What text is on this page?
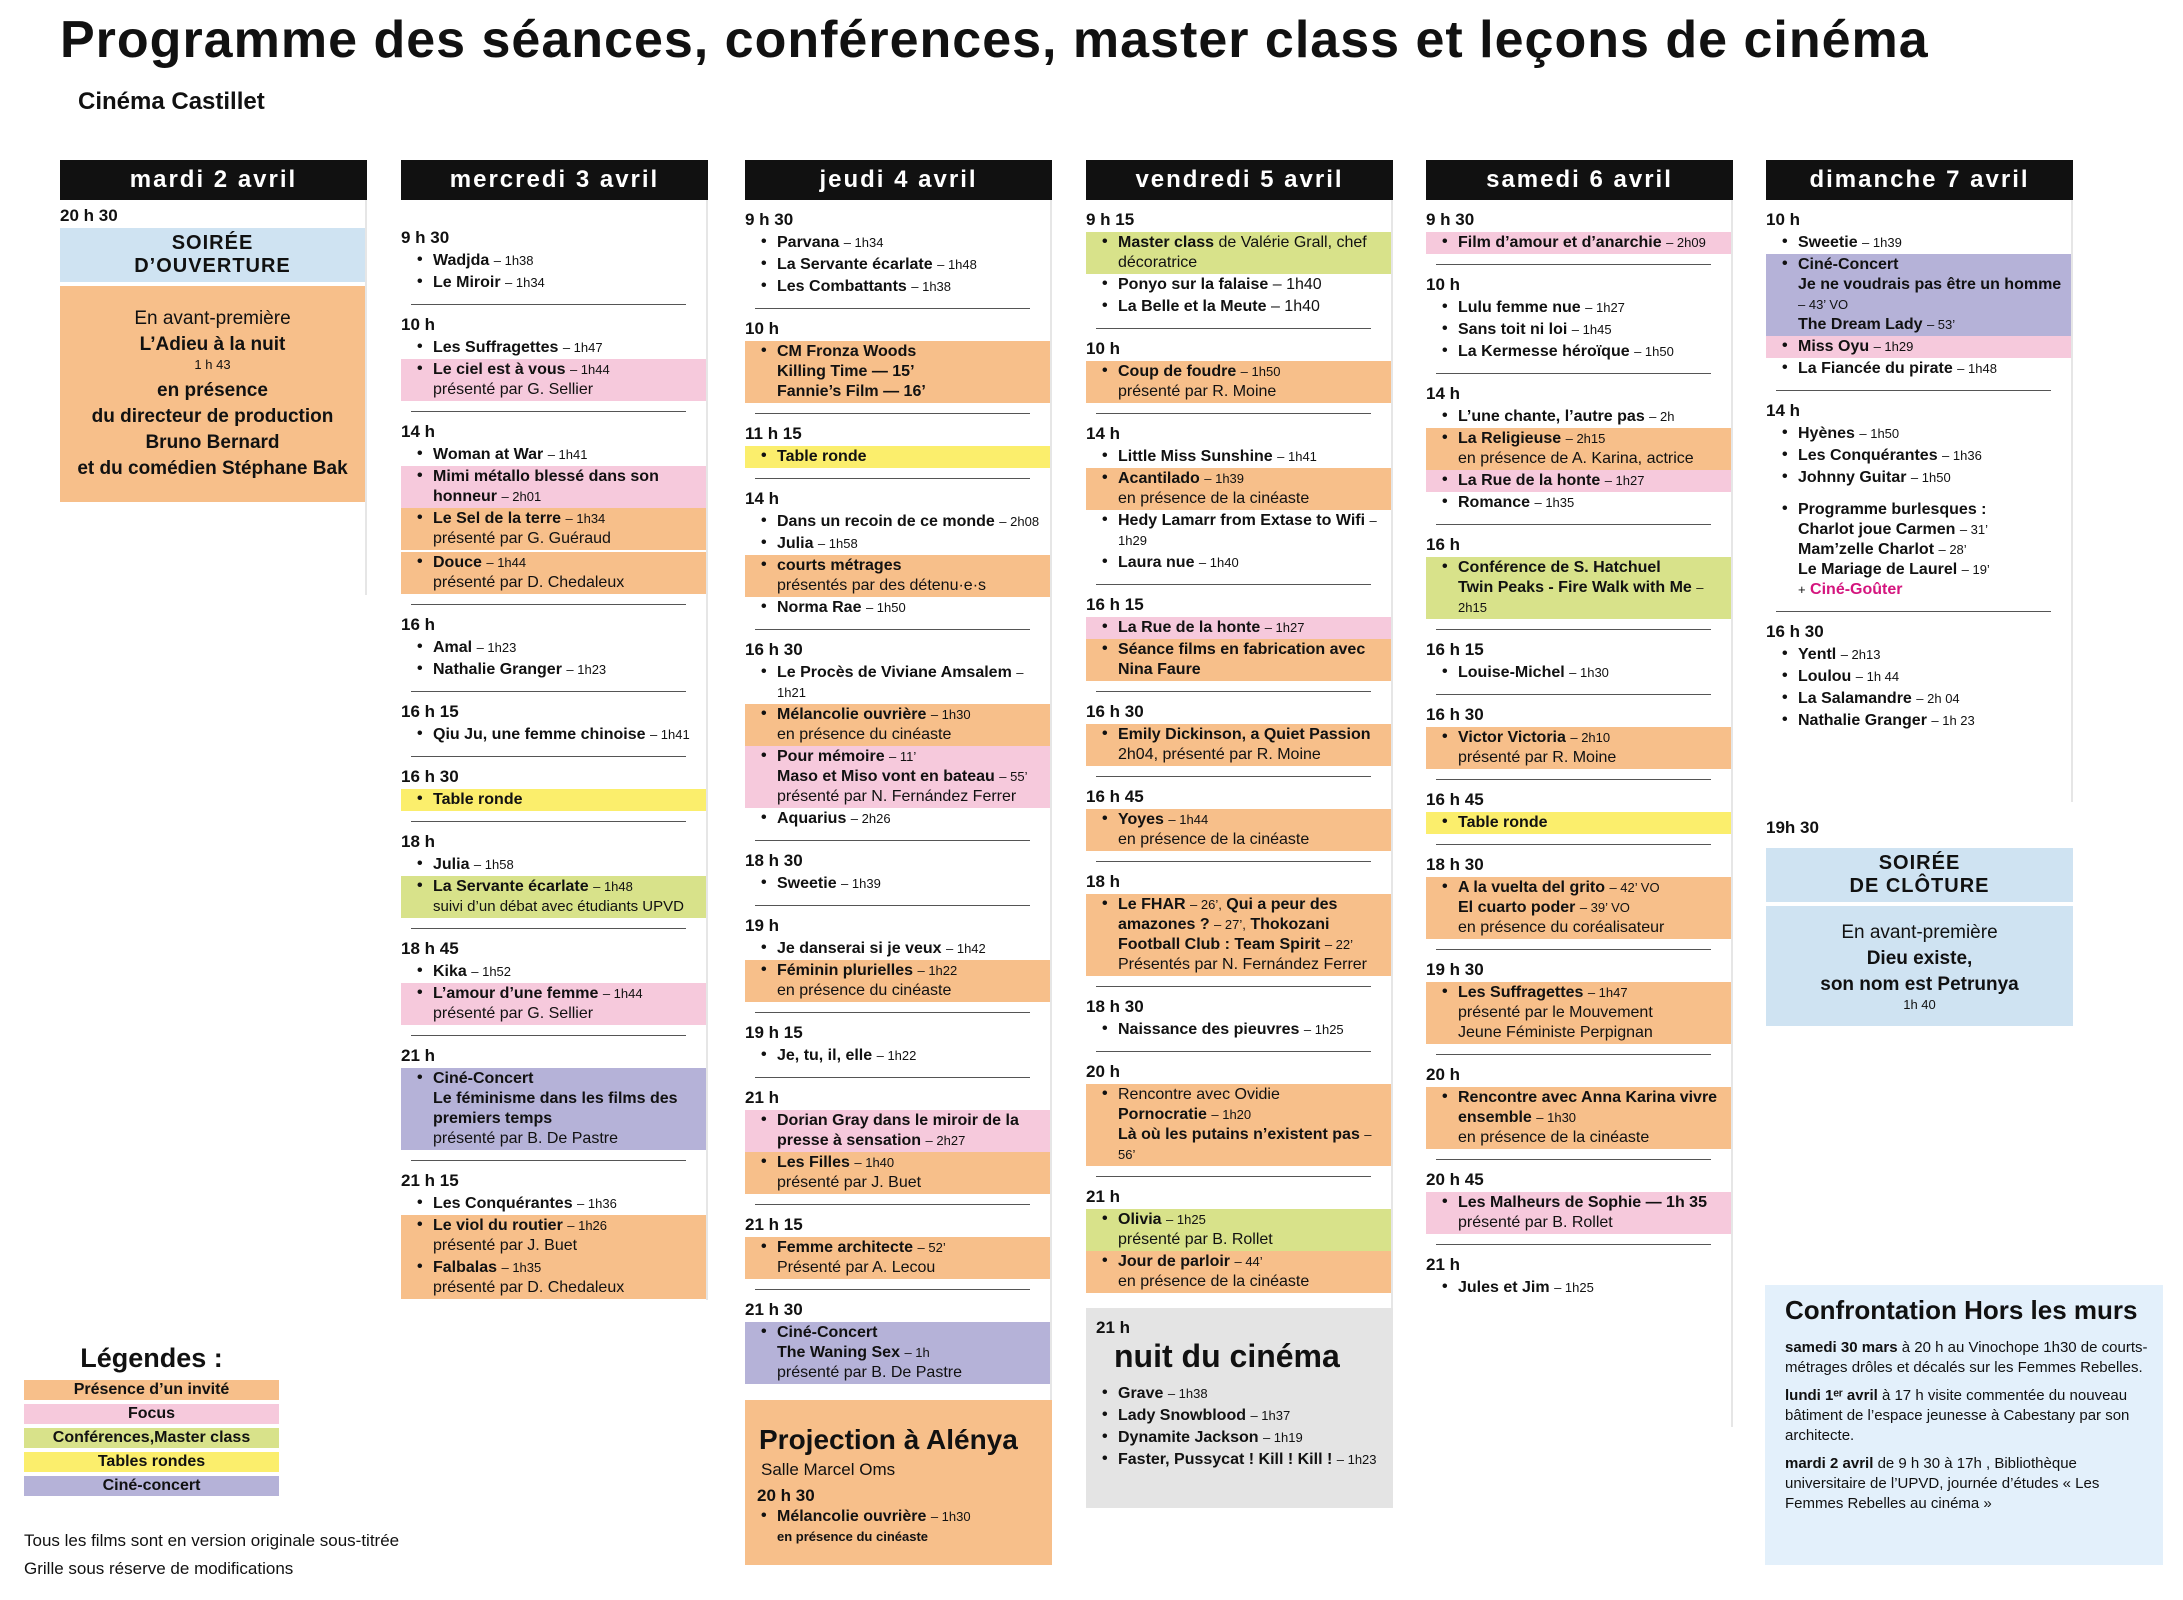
Programme des séances, conférences, master class et leçons de cinéma
Cinéma Castillet
mardi 2 avril
20 h 30
SOIRÉE
D’OUVERTURE
En avant-première
L’Adieu à la nuit
1 h 43
en présence
du directeur de production
Bruno Bernard
et du comédien Stéphane Bak
mercredi 3 avril
9 h 30
• Wadjda – 1h38
• Le Miroir – 1h34
10 h
• Les Suffragettes – 1h47
• Le ciel est à vous – 1h44
présenté par G. Sellier
14 h
• Woman at War – 1h41
• Mimi métallo blessé dans son honneur – 2h01
• Le Sel de la terre – 1h34
présenté par G. Guéraud
• Douce – 1h44
présenté par D. Chedaleux
16 h
• Amal – 1h23
• Nathalie Granger – 1h23
16 h 15
• Qiu Ju, une femme chinoise – 1h41
16 h 30
• Table ronde
18 h
• Julia – 1h58
• La Servante écarlate – 1h48
suivi d’un débat avec étudiants UPVD
18 h 45
• Kika – 1h52
• L’amour d’une femme – 1h44
présenté par G. Sellier
21 h
• Ciné-Concert
Le féminisme dans les films des premiers temps
présenté par B. De Pastre
21 h 15
• Les Conquérantes – 1h36
• Le viol du routier – 1h26
présenté par J. Buet
• Falbalas – 1h35
présenté par D. Chedaleux
jeudi 4 avril
9 h 30
• Parvana – 1h34
• La Servante écarlate – 1h48
• Les Combattants – 1h38
10 h
• CM Fronza Woods
Killing Time — 15’
Fannie’s Film — 16’
11 h 15
• Table ronde
14 h
• Dans un recoin de ce monde – 2h08
• Julia – 1h58
• courts métrages
présentés par des détenu·e·s
• Norma Rae – 1h50
16 h 30
• Le Procès de Viviane Amsalem – 1h21
• Mélancolie ouvrière – 1h30
en présence du cinéaste
• Pour mémoire – 11’
Maso et Miso vont en bateau – 55’
présenté par N. Fernández Ferrer
• Aquarius – 2h26
18 h 30
• Sweetie – 1h39
19 h
• Je danserai si je veux – 1h42
• Féminin plurielles – 1h22
en présence du cinéaste
19 h 15
• Je, tu, il, elle – 1h22
21 h
• Dorian Gray dans le miroir de la presse à sensation – 2h27
• Les Filles – 1h40
présenté par J. Buet
21 h 15
• Femme architecte – 52’
Présenté par A. Lecou
21 h 30
• Ciné-Concert
The Waning Sex – 1h
présenté par B. De Pastre
Projection à Alénya
Salle Marcel Oms
20 h 30
• Mélancolie ouvrière – 1h30
en présence du cinéaste
vendredi 5 avril
9 h 15
• Master class de Valérie Grall, chef décoratrice
• Ponyo sur la falaise – 1h40
• La Belle et la Meute – 1h40
10 h
• Coup de foudre – 1h50
présenté par R. Moine
14 h
• Little Miss Sunshine – 1h41
• Acantilado – 1h39
en présence de la cinéaste
• Hedy Lamarr from Extase to Wifi – 1h29
• Laura nue – 1h40
16 h 15
• La Rue de la honte – 1h27
• Séance films en fabrication avec Nina Faure
16 h 30
• Emily Dickinson, a Quiet Passion
2h04, présenté par R. Moine
16 h 45
• Yoyes – 1h44
en présence de la cinéaste
18 h
• Le FHAR – 26’, Qui a peur des amazones ? – 27’, Thokozani Football Club : Team Spirit – 22’
Présentés par N. Fernández Ferrer
18 h 30
• Naissance des pieuvres – 1h25
20 h
• Rencontre avec Ovidie
Pornocratie – 1h20
Là où les putains n’existent pas – 56’
21 h
• Olivia – 1h25
présenté par B. Rollet
• Jour de parloir – 44’
en présence de la cinéaste
21 h
nuit du cinéma
• Grave – 1h38
• Lady Snowblood – 1h37
• Dynamite Jackson – 1h19
• Faster, Pussycat ! Kill ! Kill ! – 1h23
samedi 6 avril
9 h 30
• Film d’amour et d’anarchie – 2h09
10 h
• Lulu femme nue – 1h27
• Sans toit ni loi – 1h45
• La Kermesse héroïque – 1h50
14 h
• L’une chante, l’autre pas – 2h
• La Religieuse – 2h15
en présence de A. Karina, actrice
• La Rue de la honte – 1h27
• Romance – 1h35
16 h
• Conférence de S. Hatchuel
Twin Peaks - Fire Walk with Me – 2h15
16 h 15
• Louise-Michel – 1h30
16 h 30
• Victor Victoria – 2h10
présenté par R. Moine
16 h 45
• Table ronde
18 h 30
• A la vuelta del grito – 42’ VO
El cuarto poder – 39’ VO
en présence du coréalisateur
19 h 30
• Les Suffragettes – 1h47
présenté par le Mouvement
Jeune Féministe Perpignan
20 h
• Rencontre avec Anna Karina vivre ensemble – 1h30
en présence de la cinéaste
20 h 45
• Les Malheurs de Sophie — 1h 35
présenté par B. Rollet
21 h
• Jules et Jim – 1h25
dimanche 7 avril
10 h
• Sweetie – 1h39
• Ciné-Concert
Je ne voudrais pas être un homme
– 43’ VO
The Dream Lady – 53’
• Miss Oyu – 1h29
• La Fiancée du pirate – 1h48
14 h
• Hyènes – 1h50
• Les Conquérantes – 1h36
• Johnny Guitar – 1h50
• Programme burlesques :
Charlot joue Carmen – 31’
Mam’zelle Charlot – 28’
Le Mariage de Laurel – 19’
+ Ciné-Goûter
16 h 30
• Yentl – 2h13
• Loulou – 1h 44
• La Salamandre – 2h 04
• Nathalie Granger – 1h 23
19h 30
SOIRÉE
DE CLÔTURE
En avant-première
Dieu existe,
son nom est Petrunya
1h 40
Confrontation Hors les murs
samedi 30 mars à 20 h au Vinochope 1h30 de courts-métrages drôles et décalés sur les Femmes Rebelles.
lundi 1ᵉʳ avril à 17 h visite commentée du nouveau bâtiment de l’espace jeunesse à Cabestany par son architecte.
mardi 2 avril de 9 h 30 à 17h , Bibliothèque universitaire de l’UPVD, journée d’études « Les Femmes Rebelles au cinéma »
Légendes :
Présence d’un invité
Focus
Conférences,Master class
Tables rondes
Ciné-concert
Tous les films sont en version originale sous-titrée
Grille sous réserve de modifications
